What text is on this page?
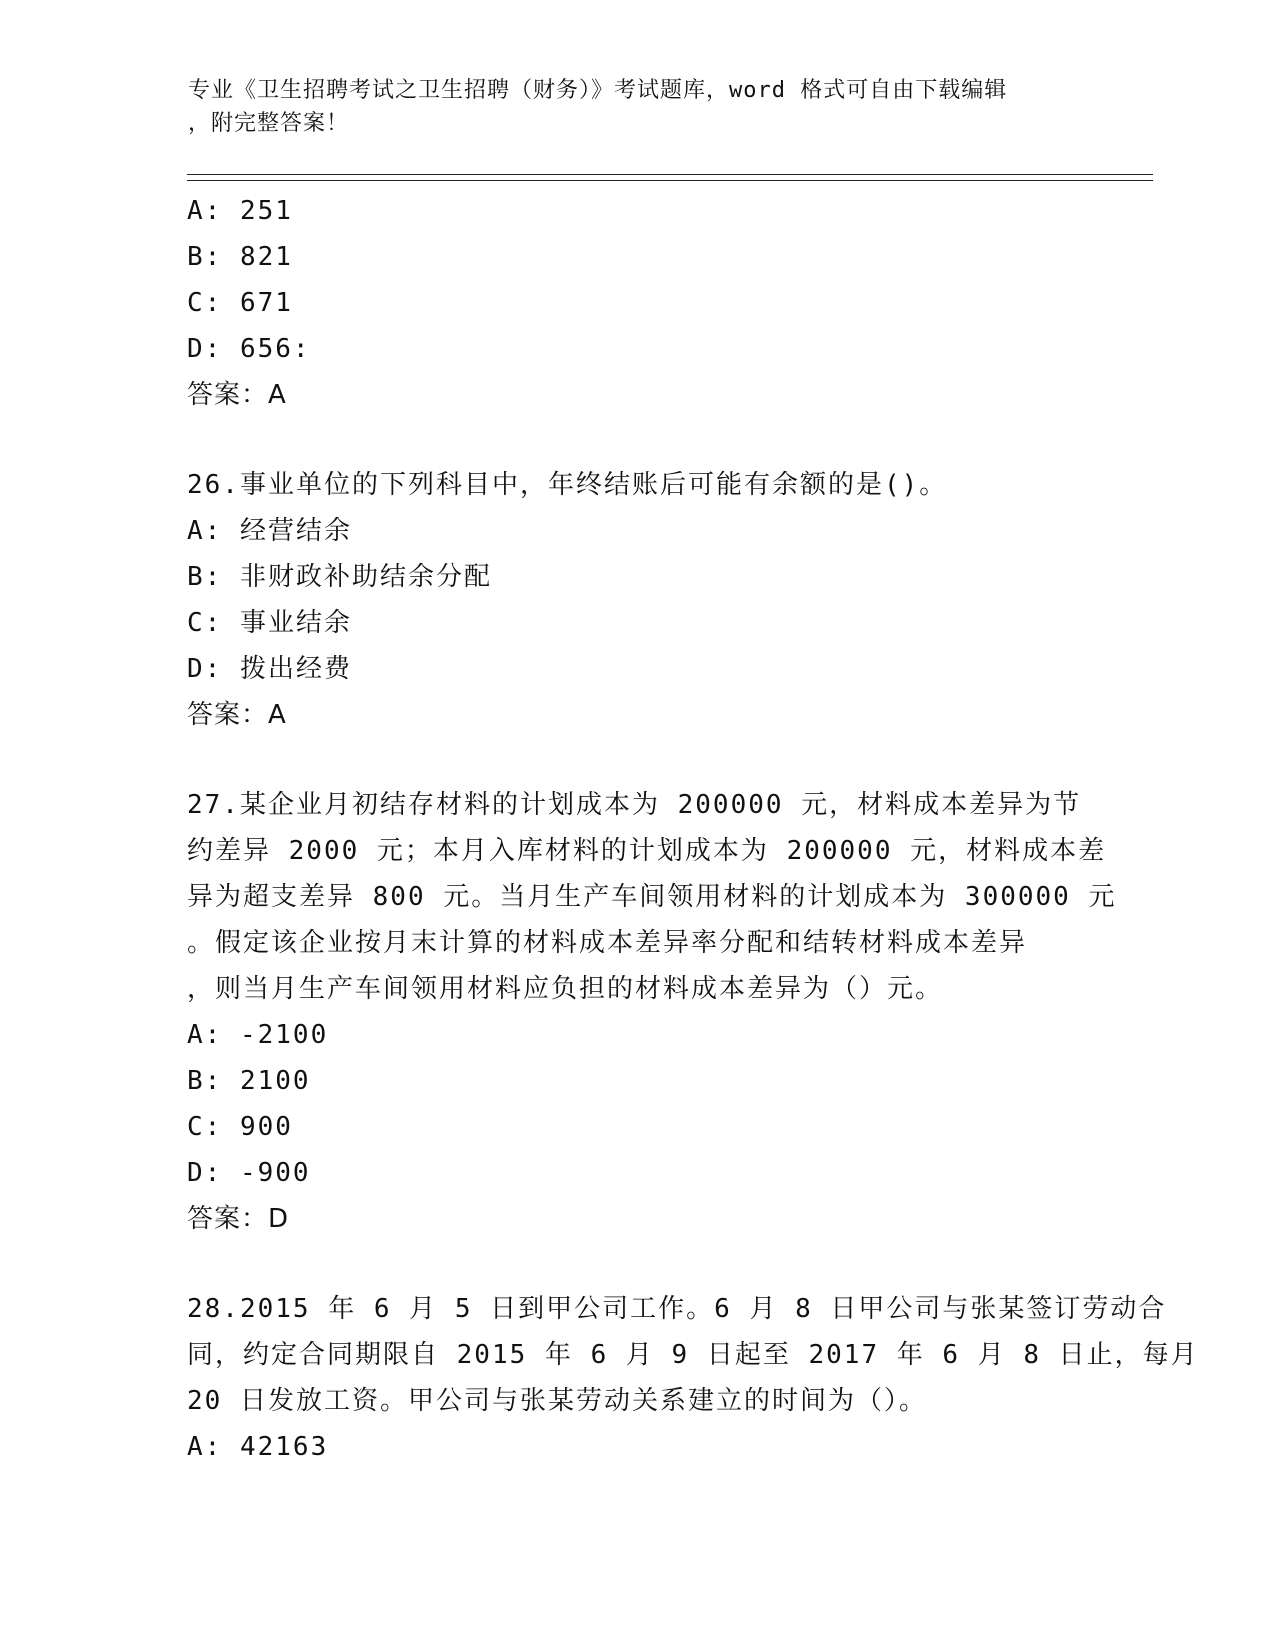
专业《卫生招聘考试之卫生招聘（财务）》考试题库，word 格式可自由下载编辑
，附完整答案！
A: 251
B: 821
C: 671
D: 656:
答案：A
26.事业单位的下列科目中，年终结账后可能有余额的是()。
A: 经营结余
B: 非财政补助结余分配
C: 事业结余
D: 拨出经费
答案：A
27.某企业月初结存材料的计划成本为 200000 元，材料成本差异为节
约差异 2000 元；本月入库材料的计划成本为 200000 元，材料成本差
异为超支差异 800 元。当月生产车间领用材料的计划成本为 300000 元
。假定该企业按月末计算的材料成本差异率分配和结转材料成本差异
，则当月生产车间领用材料应负担的材料成本差异为（）元。
A: -2100
B: 2100
C: 900
D: -900
答案：D
28.2015 年 6 月 5 日到甲公司工作。6 月 8 日甲公司与张某签订劳动合
同，约定合同期限自 2015 年 6 月 9 日起至 2017 年 6 月 8 日止，每月
20 日发放工资。甲公司与张某劳动关系建立的时间为（）。
A: 42163
